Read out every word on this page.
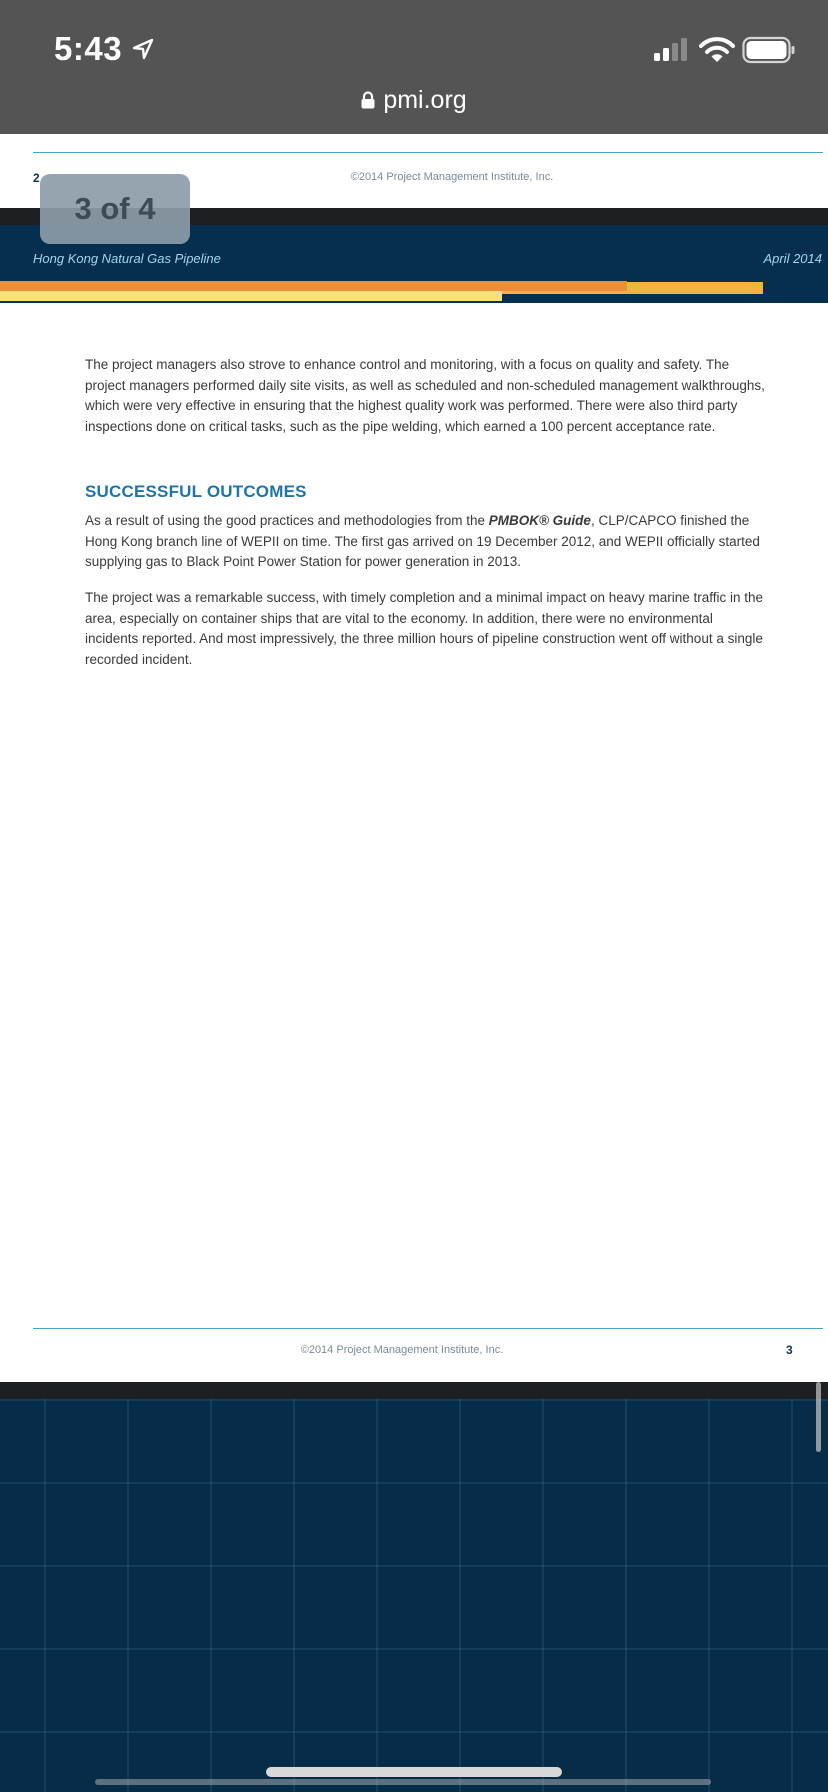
5:43
pmi.org
2	©2014 Project Management Institute, Inc.
3 of 4
Hong Kong Natural Gas Pipeline	April 2014

The project managers also strove to enhance control and monitoring, with a focus on quality and safety. The project managers performed daily site visits, as well as scheduled and non-scheduled management walkthroughs, which were very effective in ensuring that the highest quality work was performed. There were also third party inspections done on critical tasks, such as the pipe welding, which earned a 100 percent acceptance rate.

SUCCESSFUL OUTCOMES

As a result of using the good practices and methodologies from the PMBOK® Guide, CLP/CAPCO finished the Hong Kong branch line of WEPII on time. The first gas arrived on 19 December 2012, and WEPII officially started supplying gas to Black Point Power Station for power generation in 2013.

The project was a remarkable success, with timely completion and a minimal impact on heavy marine traffic in the area, especially on container ships that are vital to the economy. In addition, there were no environmental incidents reported. And most impressively, the three million hours of pipeline construction went off without a single recorded incident.

©2014 Project Management Institute, Inc.	3
